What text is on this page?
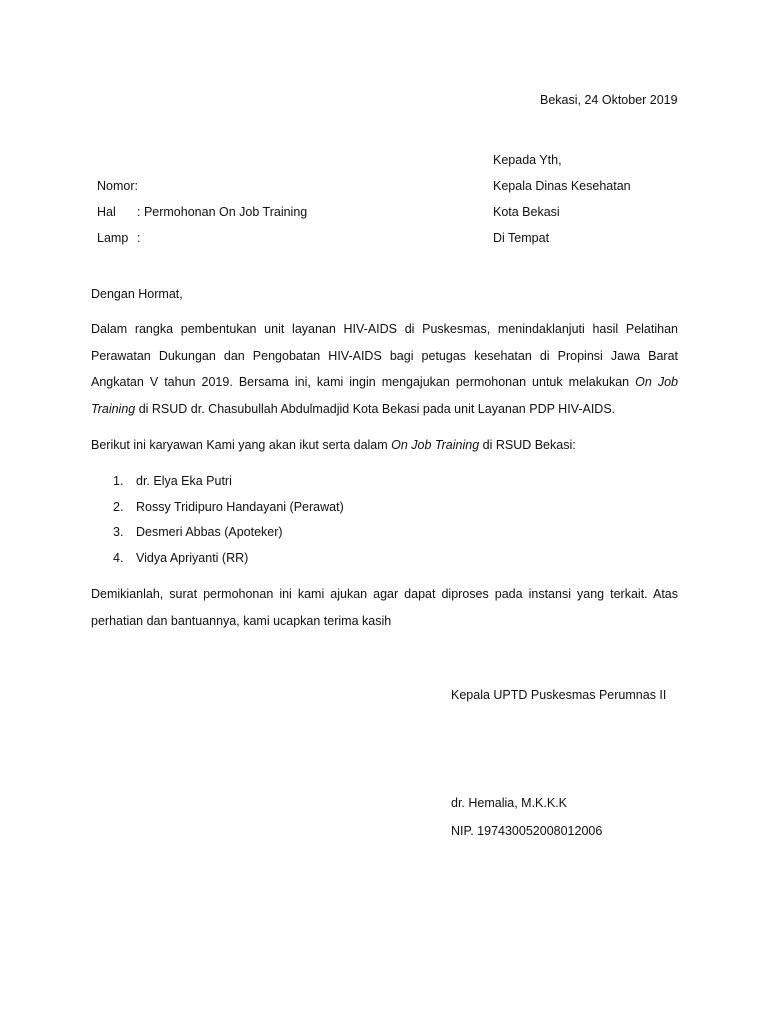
Bekasi, 24 Oktober 2019
Kepada Yth,
Kepala Dinas Kesehatan
Kota Bekasi
Di Tempat
Nomor:
Hal : Permohonan On Job Training
Lamp :
Dengan Hormat,
Dalam rangka pembentukan unit layanan HIV-AIDS di Puskesmas, menindaklanjuti hasil Pelatihan Perawatan Dukungan dan Pengobatan HIV-AIDS bagi petugas kesehatan di Propinsi Jawa Barat Angkatan V tahun 2019. Bersama ini, kami ingin mengajukan permohonan untuk melakukan On Job Training di RSUD dr. Chasubullah Abdulmadjid Kota Bekasi pada unit Layanan PDP HIV-AIDS.
Berikut ini karyawan Kami yang akan ikut serta dalam On Job Training di RSUD Bekasi:
1. dr. Elya Eka Putri
2. Rossy Tridipuro Handayani (Perawat)
3. Desmeri Abbas (Apoteker)
4. Vidya Apriyanti (RR)
Demikianlah, surat permohonan ini kami ajukan agar dapat diproses pada instansi yang terkait. Atas perhatian dan bantuannya, kami ucapkan terima kasih
Kepala UPTD Puskesmas Perumnas II
dr. Hemalia, M.K.K.K
NIP. 197430052008012006
